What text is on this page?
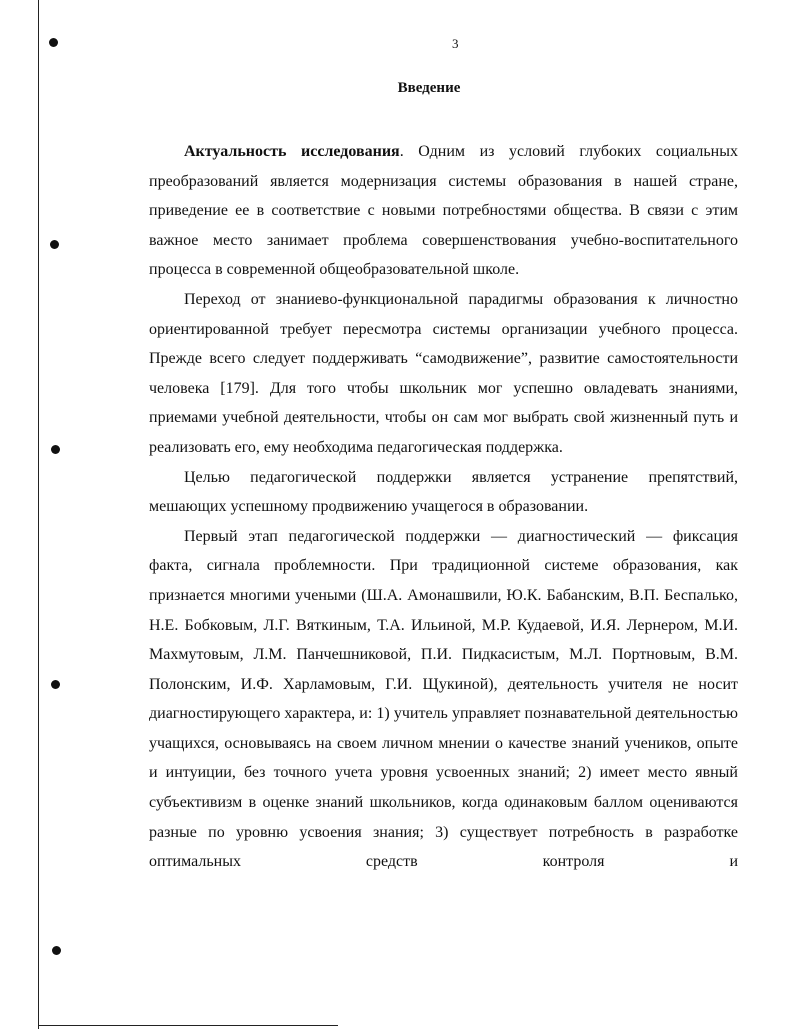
3
Введение

Актуальность исследования. Одним из условий глубоких социальных преобразований является модернизация системы образования в нашей стране, приведение ее в соответствие с новыми потребностями общества. В связи с этим важное место занимает проблема совершенствования учебно-воспитательного процесса в современной общеобразовательной школе.

Переход от знаниево-функциональной парадигмы образования к личностно ориентированной требует пересмотра системы организации учебного процесса. Прежде всего следует поддерживать “самодвижение”, развитие самостоятельности человека [179]. Для того чтобы школьник мог успешно овладевать знаниями, приемами учебной деятельности, чтобы он сам мог выбрать свой жизненный путь и реализовать его, ему необходима педагогическая поддержка.

Целью педагогической поддержки является устранение препятствий, мешающих успешному продвижению учащегося в образовании.

Первый этап педагогической поддержки — диагностический — фиксация факта, сигнала проблемности. При традиционной системе образования, как признается многими учеными (Ш.А. Амонашвили, Ю.К. Бабанским, В.П. Беспалько, Н.Е. Бобковым, Л.Г. Вяткиным, Т.А. Ильиной, М.Р. Кудаевой, И.Я. Лернером, М.И. Махмутовым, Л.М. Панчешниковой, П.И. Пидкасистым, М.Л. Портновым, В.М. Полонским, И.Ф. Харламовым, Г.И. Щукиной), деятельность учителя не носит диагностирующего характера, и: 1) учитель управляет познавательной деятельностью учащихся, основываясь на своем личном мнении о качестве знаний учеников, опыте и интуиции, без точного учета уровня усвоенных знаний; 2) имеет место явный субъективизм в оценке знаний школьников, когда одинаковым баллом оцениваются разные по уровню усвоения знания; 3) существует потребность в разработке оптимальных средств контроля и
